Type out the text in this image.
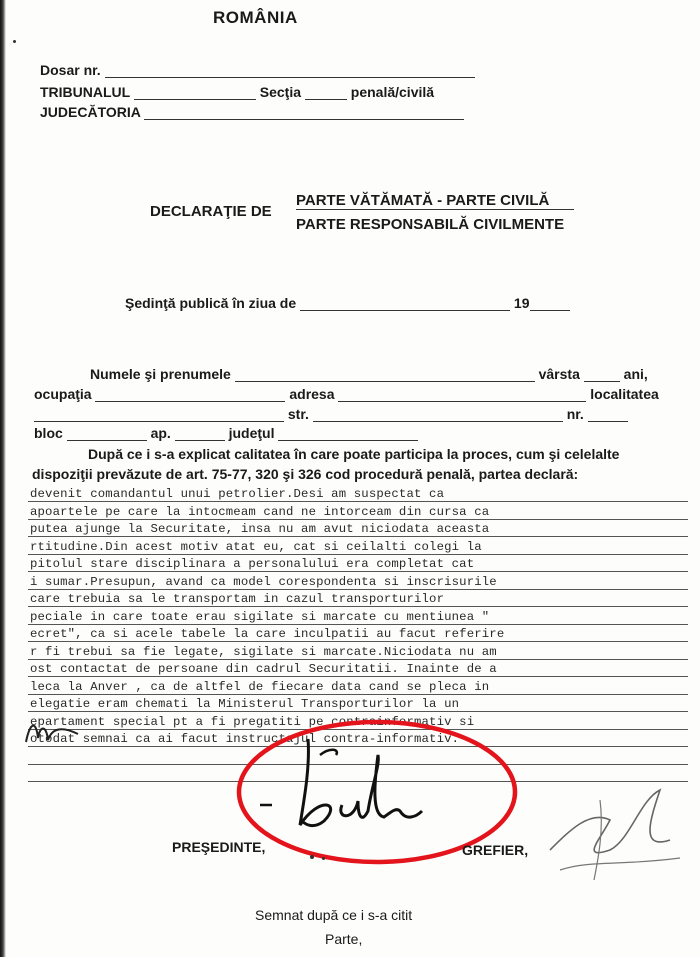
ROMÂNIA
Dosar nr.
TRIBUNALUL	Secţia	penală/civilă
JUDECĂTORIA
DECLARAŢIE DE
PARTE VĂTĂMATĂ - PARTE CIVILĂ
PARTE RESPONSABILĂ CIVILMENTE
Şedinţă publică în ziua de	19
Numele şi prenumele	vârsta	ani,
ocupaţia	adresa	localitatea
str.	nr.
bloc	ap.	judeţul
După ce i s-a explicat calitatea în care poate participa la proces, cum şi celelalte
dispoziţii prevăzute de art. 75-77, 320 şi 326 cod procedură penală, partea declară:
devenit comandantul unui petrolier.Desi am suspectat ca
apoartele pe care la intocmeam cand ne intorceam din cursa ca
putea ajunge la Securitate, insa nu am avut niciodata aceasta
rtitudine.Din acest motiv atat eu, cat si ceilalti colegi la
pitolul stare disciplinara a personalului era completat cat
i sumar.Presupun, avand ca model corespondenta si inscrisurile
care trebuia sa le transportam in cazul transporturilor
peciale in care toate erau sigilate si marcate cu mentiunea "
ecret", ca si acele tabele la care inculpatii au facut referire
r fi trebui sa fie legate, sigilate si marcate.Niciodata nu am
ost contactat de persoane din cadrul Securitatii. Inainte de a
leca la Anver , ca de altfel de fiecare data cand se pleca in
elegatie eram chemati la Ministerul Transporturilor la un
epartament special pt a fi pregatiti pe contrainformativ si
otodat semnai ca ai facut instructajul contra-informativ.
PREŞEDINTE,	GREFIER,
Semnat după ce i s-a citit
Parte,
